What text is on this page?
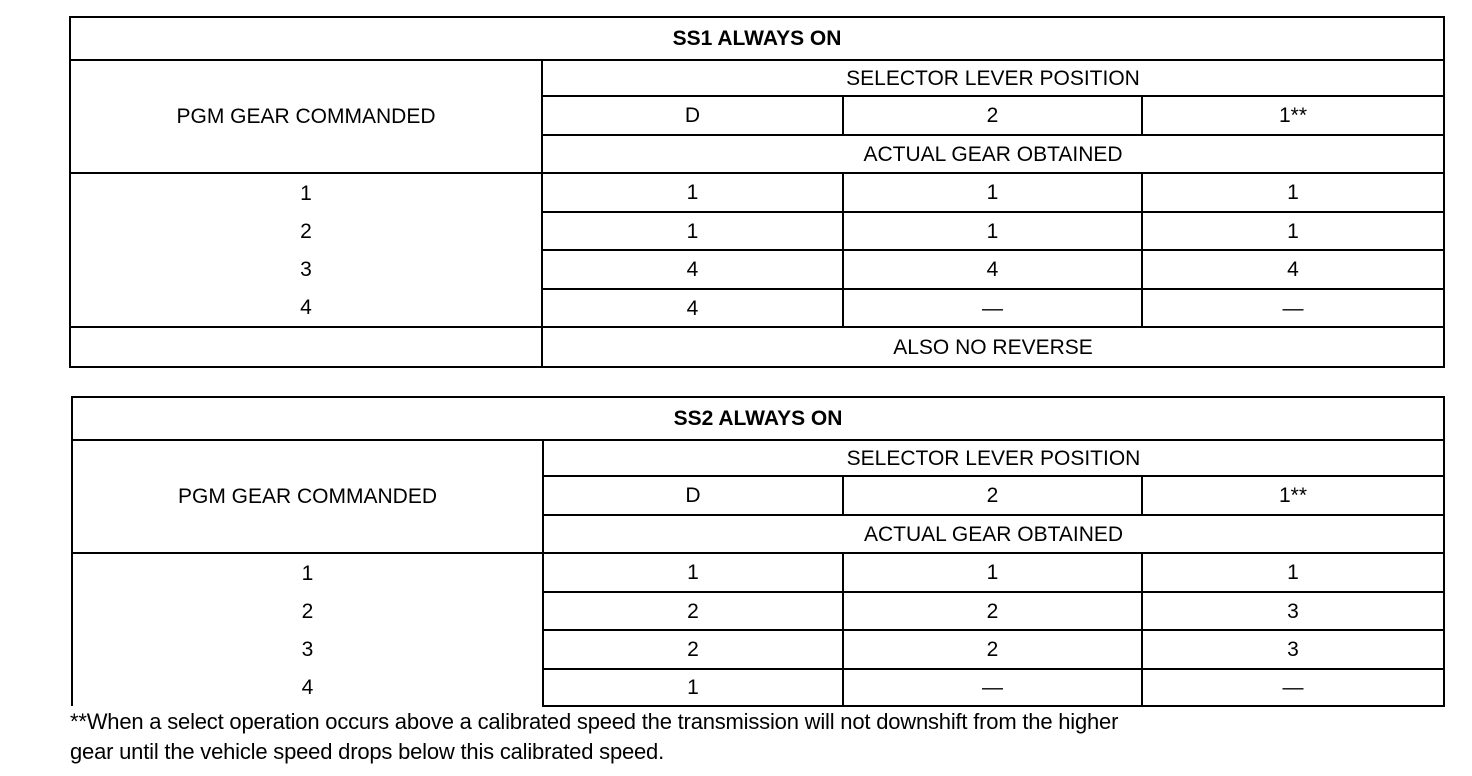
SS1 ALWAYS ON			
PGM GEAR COMMANDED	SELECTOR LEVER POSITION		
	D	2	1**
	ACTUAL GEAR OBTAINED		
1	1	1	1
2	1	1	1
3	4	4	4
4	4	—	—
	ALSO NO REVERSE		
SS2 ALWAYS ON			
PGM GEAR COMMANDED	SELECTOR LEVER POSITION		
	D	2	1**
	ACTUAL GEAR OBTAINED		
1	1	1	1
2	2	2	3
3	2	2	3
4	1	—	—
**When a select operation occurs above a calibrated speed the transmission will not downshift from the higher
gear until the vehicle speed drops below this calibrated speed.
